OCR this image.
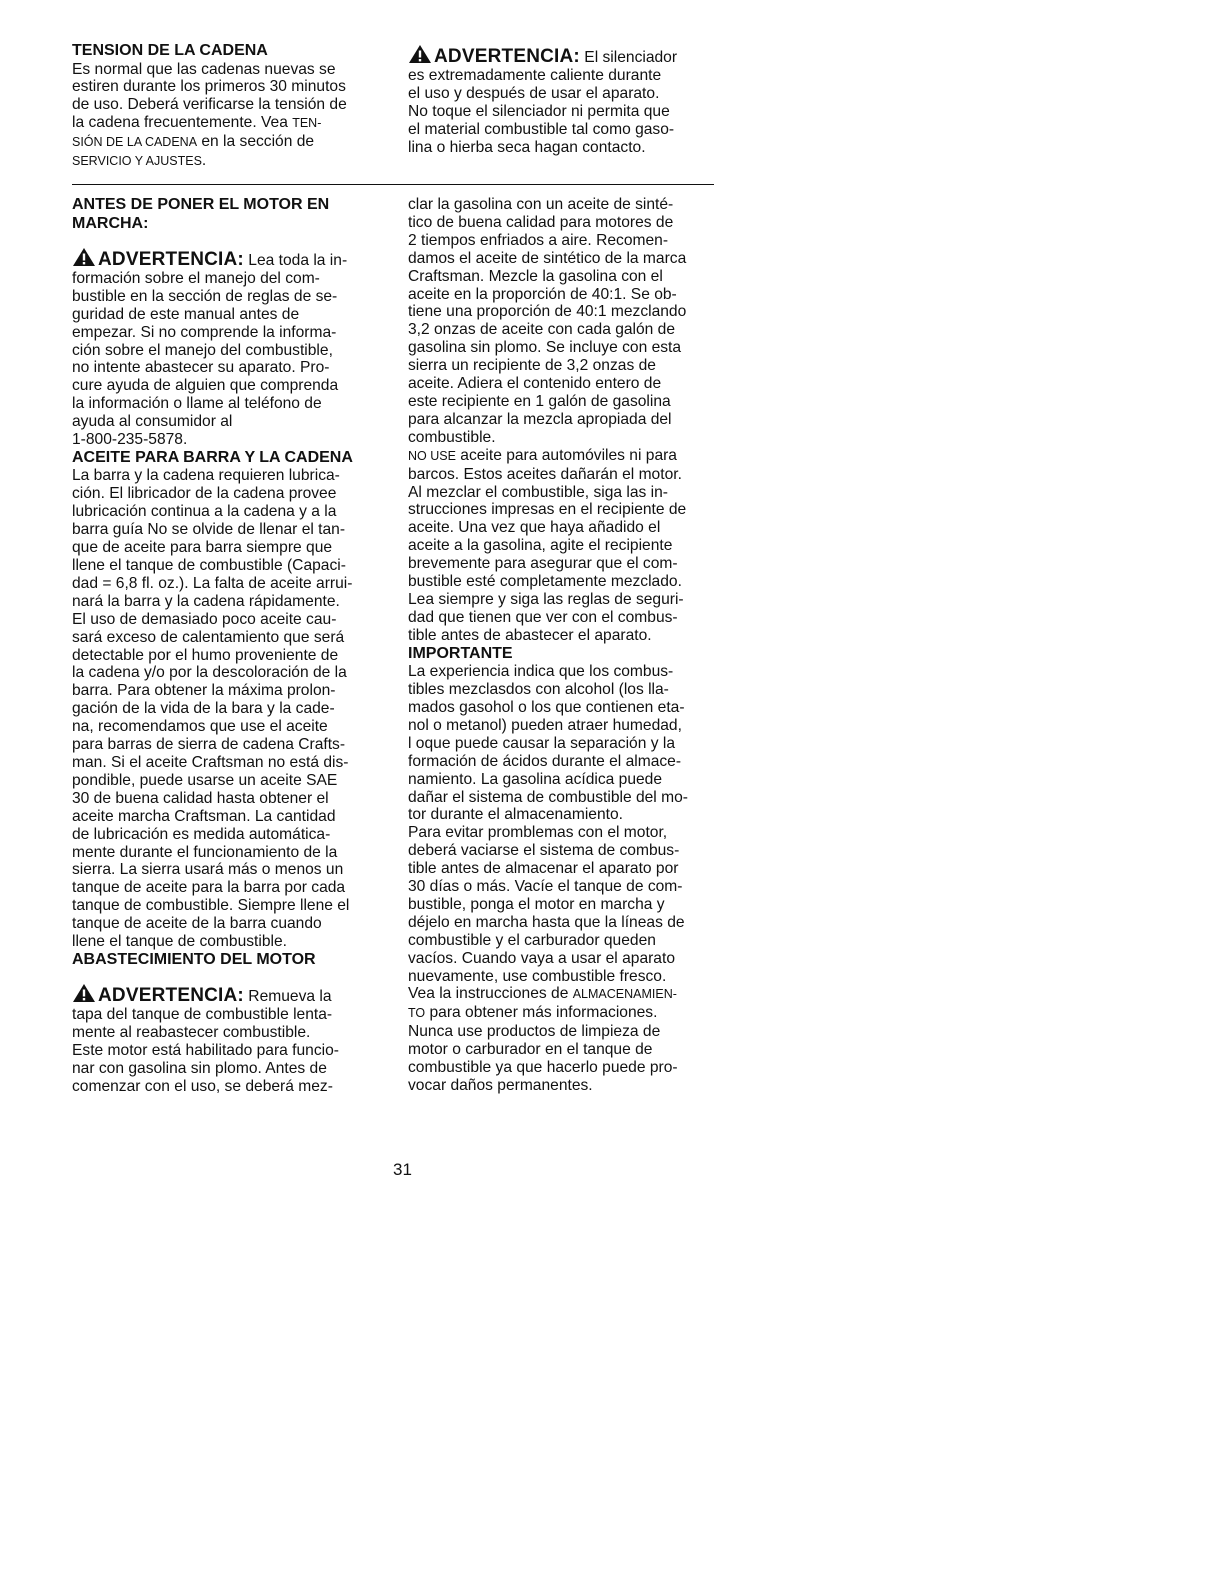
TENSION DE LA CADENA

Es normal que las cadenas nuevas se
estiren durante los primeros 30 minutos
de uso. Deberá verificarse la tensión de
la cadena frecuentemente. Vea TEN-
SIÓN DE LA CADENA en la sección de
SERVICIO Y AJUSTES.

ADVERTENCIA: El silenciador
es extremadamente caliente durante
el uso y después de usar el aparato.
No toque el silenciador ni permita que
el material combustible tal como gaso-
lina o hierba seca hagan contacto.

ANTES DE PONER EL MOTOR EN
MARCHA:

ADVERTENCIA: Lea toda la in-
formación sobre el manejo del com-
bustible en la sección de reglas de se-
guridad de este manual antes de
empezar. Si no comprende la informa-
ción sobre el manejo del combustible,
no intente abastecer su aparato. Pro-
cure ayuda de alguien que comprenda
la información o llame al teléfono de
ayuda al consumidor al
1-800-235-5878.

ACEITE PARA BARRA Y LA CADENA

La barra y la cadena requieren lubrica-
ción. El libricador de la cadena provee
lubricación continua a la cadena y a la
barra guía No se olvide de llenar el tan-
que de aceite para barra siempre que
llene el tanque de combustible (Capaci-
dad = 6,8 fl. oz.). La falta de aceite arrui-
nará la barra y la cadena rápidamente.
El uso de demasiado poco aceite cau-
sará exceso de calentamiento que será
detectable por el humo proveniente de
la cadena y/o por la descoloración de la
barra. Para obtener la máxima prolon-
gación de la vida de la bara y la cade-
na, recomendamos que use el aceite
para barras de sierra de cadena Crafts-
man. Si el aceite Craftsman no está dis-
pondible, puede usarse un aceite SAE
30 de buena calidad hasta obtener el
aceite marcha Craftsman. La cantidad
de lubricación es medida automática-
mente durante el funcionamiento de la
sierra. La sierra usará más o menos un
tanque de aceite para la barra por cada
tanque de combustible. Siempre llene el
tanque de aceite de la barra cuando
llene el tanque de combustible.

ABASTECIMIENTO DEL MOTOR

ADVERTENCIA: Remueva la
tapa del tanque de combustible lenta-
mente al reabastecer combustible.
Este motor está habilitado para funcio-
nar con gasolina sin plomo. Antes de
comenzar con el uso, se deberá mez-

clar la gasolina con un aceite de sinté-
tico de buena calidad para motores de
2 tiempos enfriados a aire. Recomen-
damos el aceite de sintético de la marca
Craftsman. Mezcle la gasolina con el
aceite en la proporción de 40:1. Se ob-
tiene una proporción de 40:1 mezclando
3,2 onzas de aceite con cada galón de
gasolina sin plomo. Se incluye con esta
sierra un recipiente de 3,2 onzas de
aceite. Adiera el contenido entero de
este recipiente en 1 galón de gasolina
para alcanzar la mezcla apropiada del
combustible.

NO USE aceite para automóviles ni para
barcos. Estos aceites dañarán el motor.
Al mezclar el combustible, siga las in-
strucciones impresas en el recipiente de
aceite. Una vez que haya añadido el
aceite a la gasolina, agite el recipiente
brevemente para asegurar que el com-
bustible esté completamente mezclado.
Lea siempre y siga las reglas de seguri-
dad que tienen que ver con el combus-
tible antes de abastecer el aparato.

IMPORTANTE

La experiencia indica que los combus-
tibles mezclasdos con alcohol (los lla-
mados gasohol o los que contienen eta-
nol o metanol) pueden atraer humedad,
l oque puede causar la separación y la
formación de ácidos durante el almace-
namiento. La gasolina acídica puede
dañar el sistema de combustible del mo-
tor durante el almacenamiento.

Para evitar promblemas con el motor,
deberá vaciarse el sistema de combus-
tible antes de almacenar el aparato por
30 días o más. Vacíe el tanque de com-
bustible, ponga el motor en marcha y
déjelo en marcha hasta que la líneas de
combustible y el carburador queden
vacíos. Cuando vaya a usar el aparato
nuevamente, use combustible fresco.
Vea la instrucciones de ALMACENAMIEN-
TO para obtener más informaciones.

Nunca use productos de limpieza de
motor o carburador en el tanque de
combustible ya que hacerlo puede pro-
vocar daños permanentes.

31
